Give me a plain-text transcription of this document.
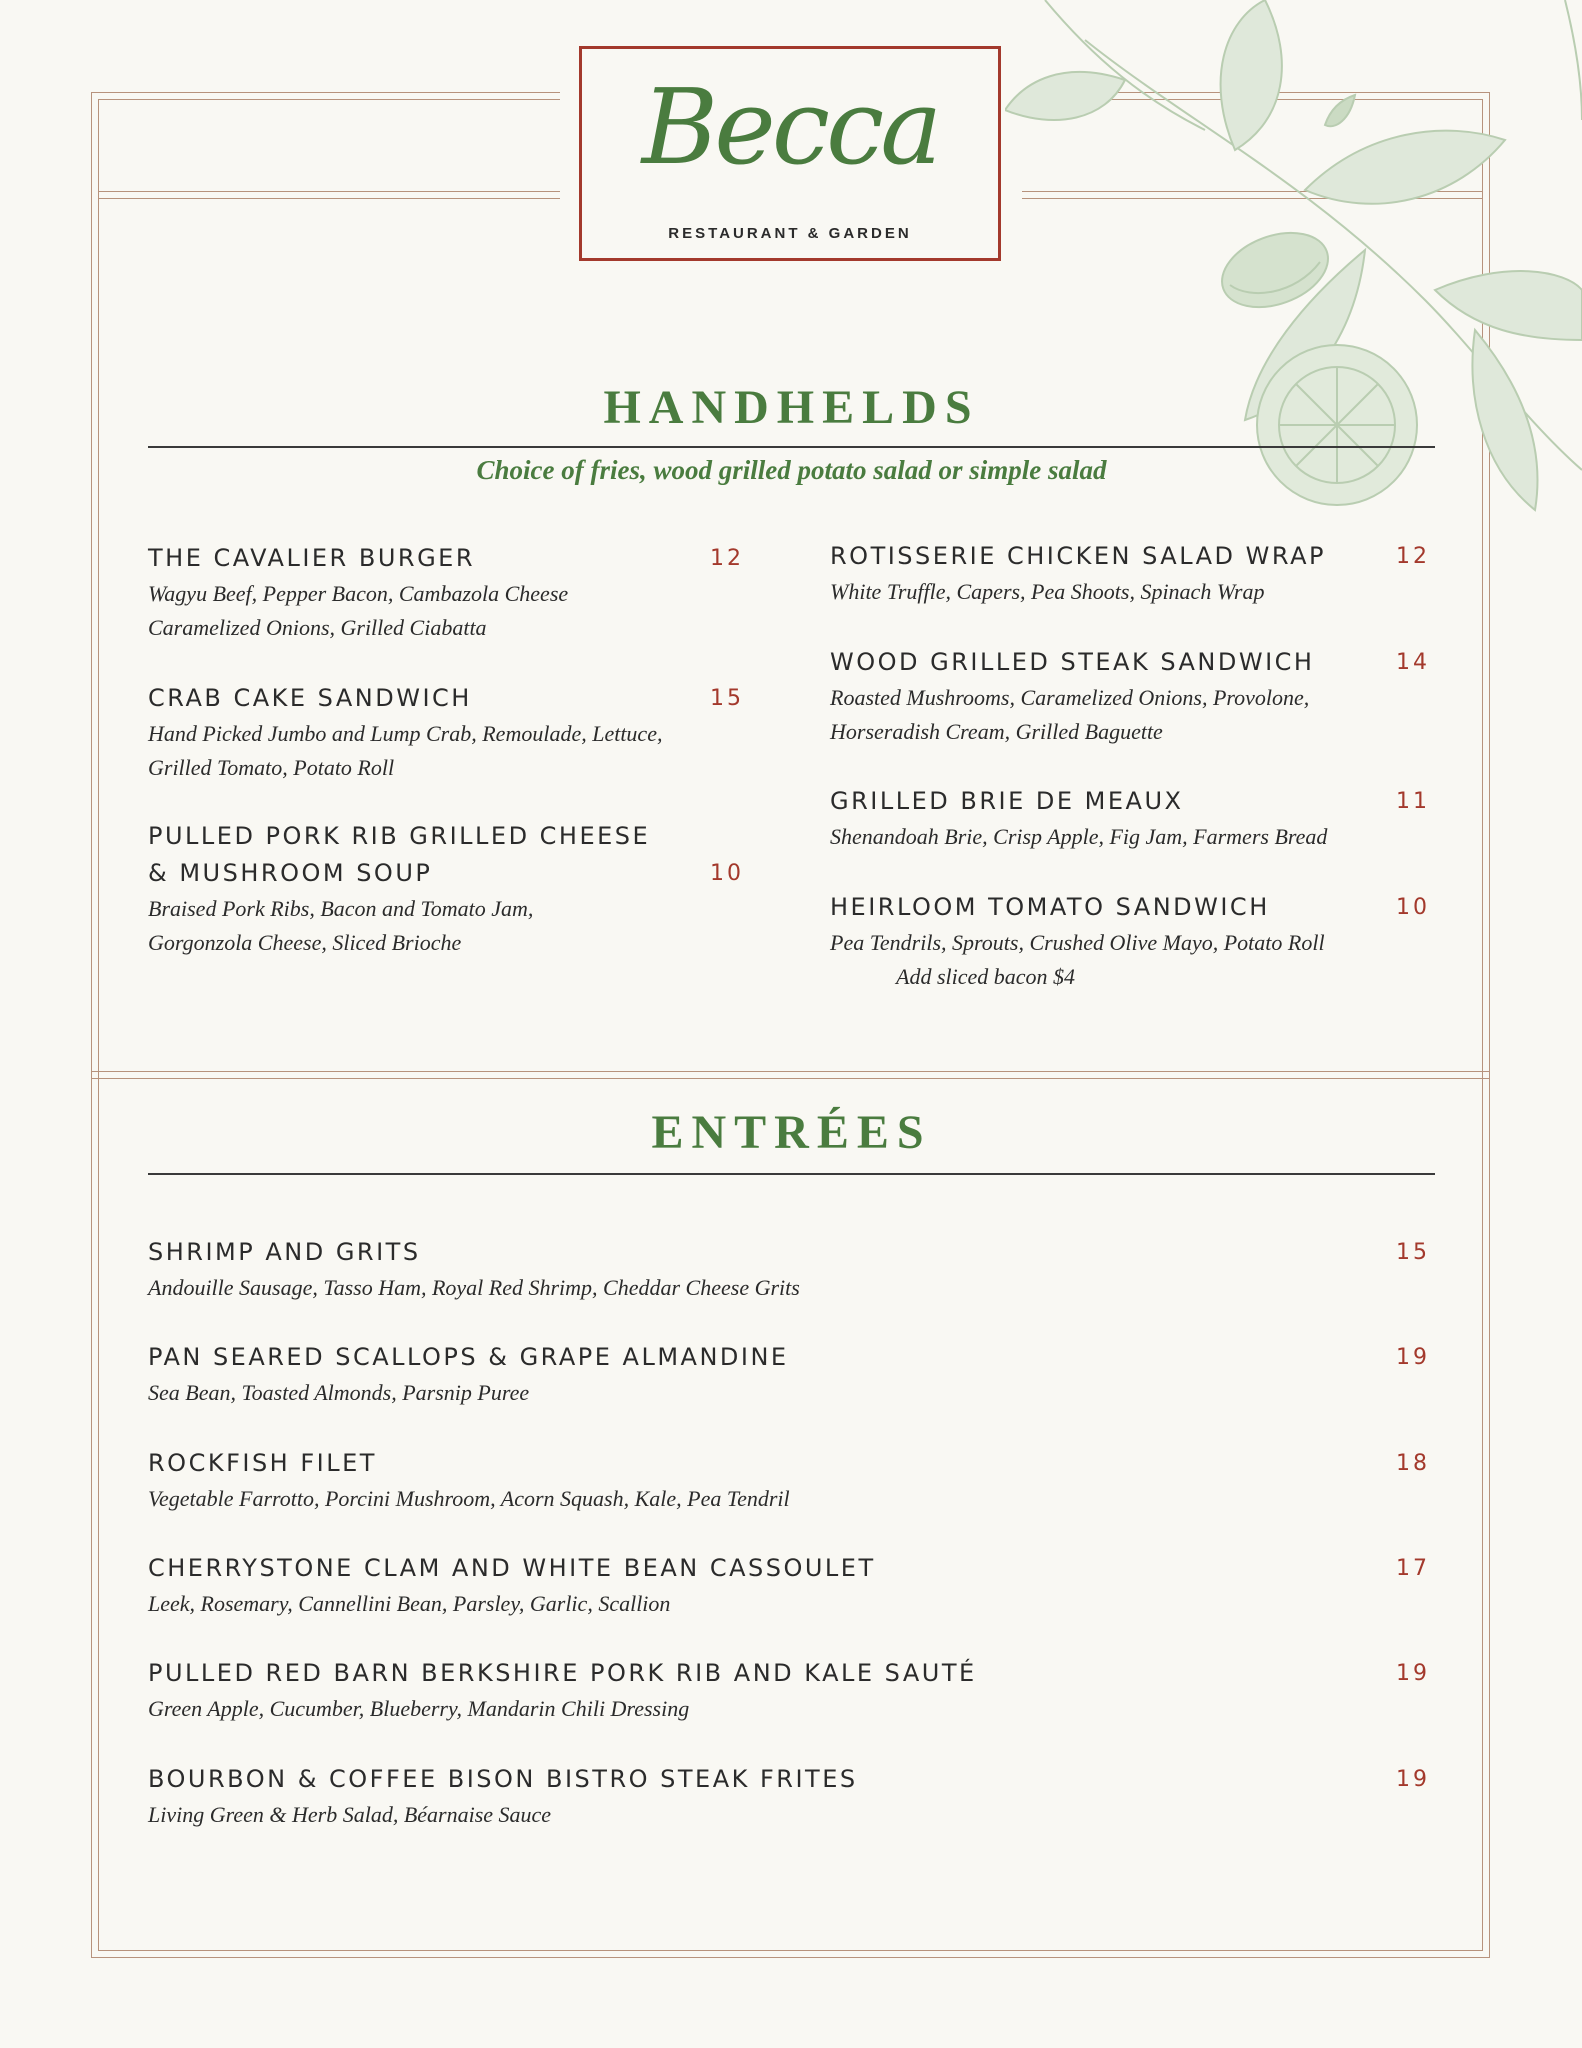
Becca
RESTAURANT & GARDEN
HANDHELDS
Choice of fries, wood grilled potato salad or simple salad
THE CAVALIER BURGER	12
Wagyu Beef, Pepper Bacon, Cambazola Cheese
Caramelized Onions, Grilled Ciabatta
CRAB CAKE SANDWICH	15
Hand Picked Jumbo and Lump Crab, Remoulade, Lettuce,
Grilled Tomato, Potato Roll
PULLED PORK RIB GRILLED CHEESE
& MUSHROOM SOUP	10
Braised Pork Ribs, Bacon and Tomato Jam,
Gorgonzola Cheese, Sliced Brioche
ROTISSERIE CHICKEN SALAD WRAP	12
White Truffle, Capers, Pea Shoots, Spinach Wrap
WOOD GRILLED STEAK SANDWICH	14
Roasted Mushrooms, Caramelized Onions, Provolone,
Horseradish Cream, Grilled Baguette
GRILLED BRIE DE MEAUX	11
Shenandoah Brie, Crisp Apple, Fig Jam, Farmers Bread
HEIRLOOM TOMATO SANDWICH	10
Pea Tendrils, Sprouts, Crushed Olive Mayo, Potato Roll
Add sliced bacon $4
ENTRÉES
SHRIMP AND GRITS	15
Andouille Sausage, Tasso Ham, Royal Red Shrimp, Cheddar Cheese Grits
PAN SEARED SCALLOPS & GRAPE ALMANDINE	19
Sea Bean, Toasted Almonds, Parsnip Puree
ROCKFISH FILET	18
Vegetable Farrotto, Porcini Mushroom, Acorn Squash, Kale, Pea Tendril
CHERRYSTONE CLAM AND WHITE BEAN CASSOULET	17
Leek, Rosemary, Cannellini Bean, Parsley, Garlic, Scallion
PULLED RED BARN BERKSHIRE PORK RIB AND KALE SAUTÉ	19
Green Apple, Cucumber, Blueberry, Mandarin Chili Dressing
BOURBON & COFFEE BISON BISTRO STEAK FRITES	19
Living Green & Herb Salad, Béarnaise Sauce
